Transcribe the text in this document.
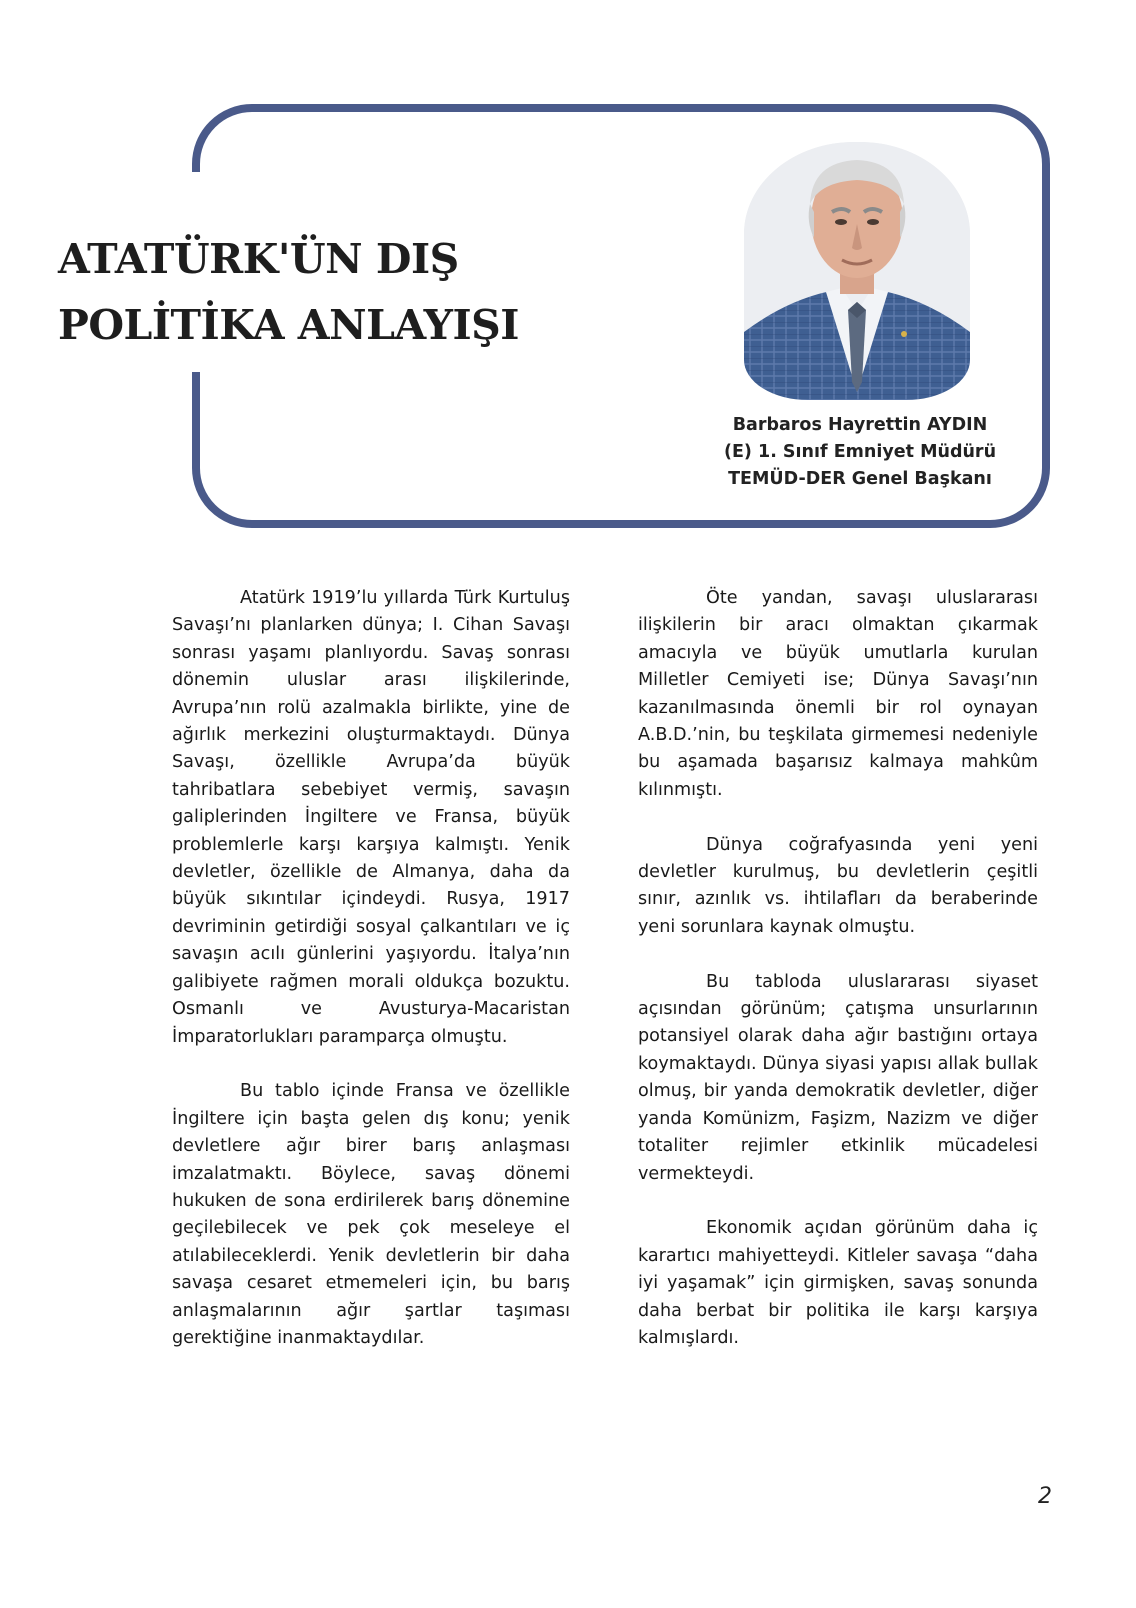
ATATÜRK'ÜN DIŞ POLİTİKA ANLAYIŞI
Barbaros Hayrettin AYDIN
(E) 1. Sınıf Emniyet Müdürü
TEMÜD-DER Genel Başkanı

Atatürk 1919’lu yıllarda Türk Kurtuluş Savaşı’nı planlarken dünya; I. Cihan Savaşı sonrası yaşamı planlıyordu. Savaş sonrası dönemin uluslar arası ilişkilerinde, Avrupa’nın rolü azalmakla birlikte, yine de ağırlık merkezini oluşturmaktaydı. Dünya Savaşı, özellikle Avrupa’da büyük tahribatlara sebebiyet vermiş, savaşın galiplerinden İngiltere ve Fransa, büyük problemlerle karşı karşıya kalmıştı. Yenik devletler, özellikle de Almanya, daha da büyük sıkıntılar içindeydi. Rusya, 1917 devriminin getirdiği sosyal çalkantıları ve iç savaşın acılı günlerini yaşıyordu. İtalya’nın galibiyete rağmen morali oldukça bozuktu. Osmanlı ve Avusturya-Macaristan İmparatorlukları paramparça olmuştu.

Bu tablo içinde Fransa ve özellikle İngiltere için başta gelen dış konu; yenik devletlere ağır birer barış anlaşması imzalatmaktı. Böylece, savaş dönemi hukuken de sona erdirilerek barış dönemine geçilebilecek ve pek çok meseleye el atılabileceklerdi. Yenik devletlerin bir daha savaşa cesaret etmemeleri için, bu barış anlaşmalarının ağır şartlar taşıması gerektiğine inanmaktaydılar.

Öte yandan, savaşı uluslararası ilişkilerin bir aracı olmaktan çıkarmak amacıyla ve büyük umutlarla kurulan Milletler Cemiyeti ise; Dünya Savaşı’nın kazanılmasında önemli bir rol oynayan A.B.D.’nin, bu teşkilata girmemesi nedeniyle bu aşamada başarısız kalmaya mahkûm kılınmıştı.

Dünya coğrafyasında yeni yeni devletler kurulmuş, bu devletlerin çeşitli sınır, azınlık vs. ihtilafları da beraberinde yeni sorunlara kaynak olmuştu.

Bu tabloda uluslararası siyaset açısından görünüm; çatışma unsurlarının potansiyel olarak daha ağır bastığını ortaya koymaktaydı. Dünya siyasi yapısı allak bullak olmuş, bir yanda demokratik devletler, diğer yanda Komünizm, Faşizm, Nazizm ve diğer totaliter rejimler etkinlik mücadelesi vermekteydi.

Ekonomik açıdan görünüm daha iç karartıcı mahiyetteydi. Kitleler savaşa “daha iyi yaşamak” için girmişken, savaş sonunda daha berbat bir politika ile karşı karşıya kalmışlardı.

2
